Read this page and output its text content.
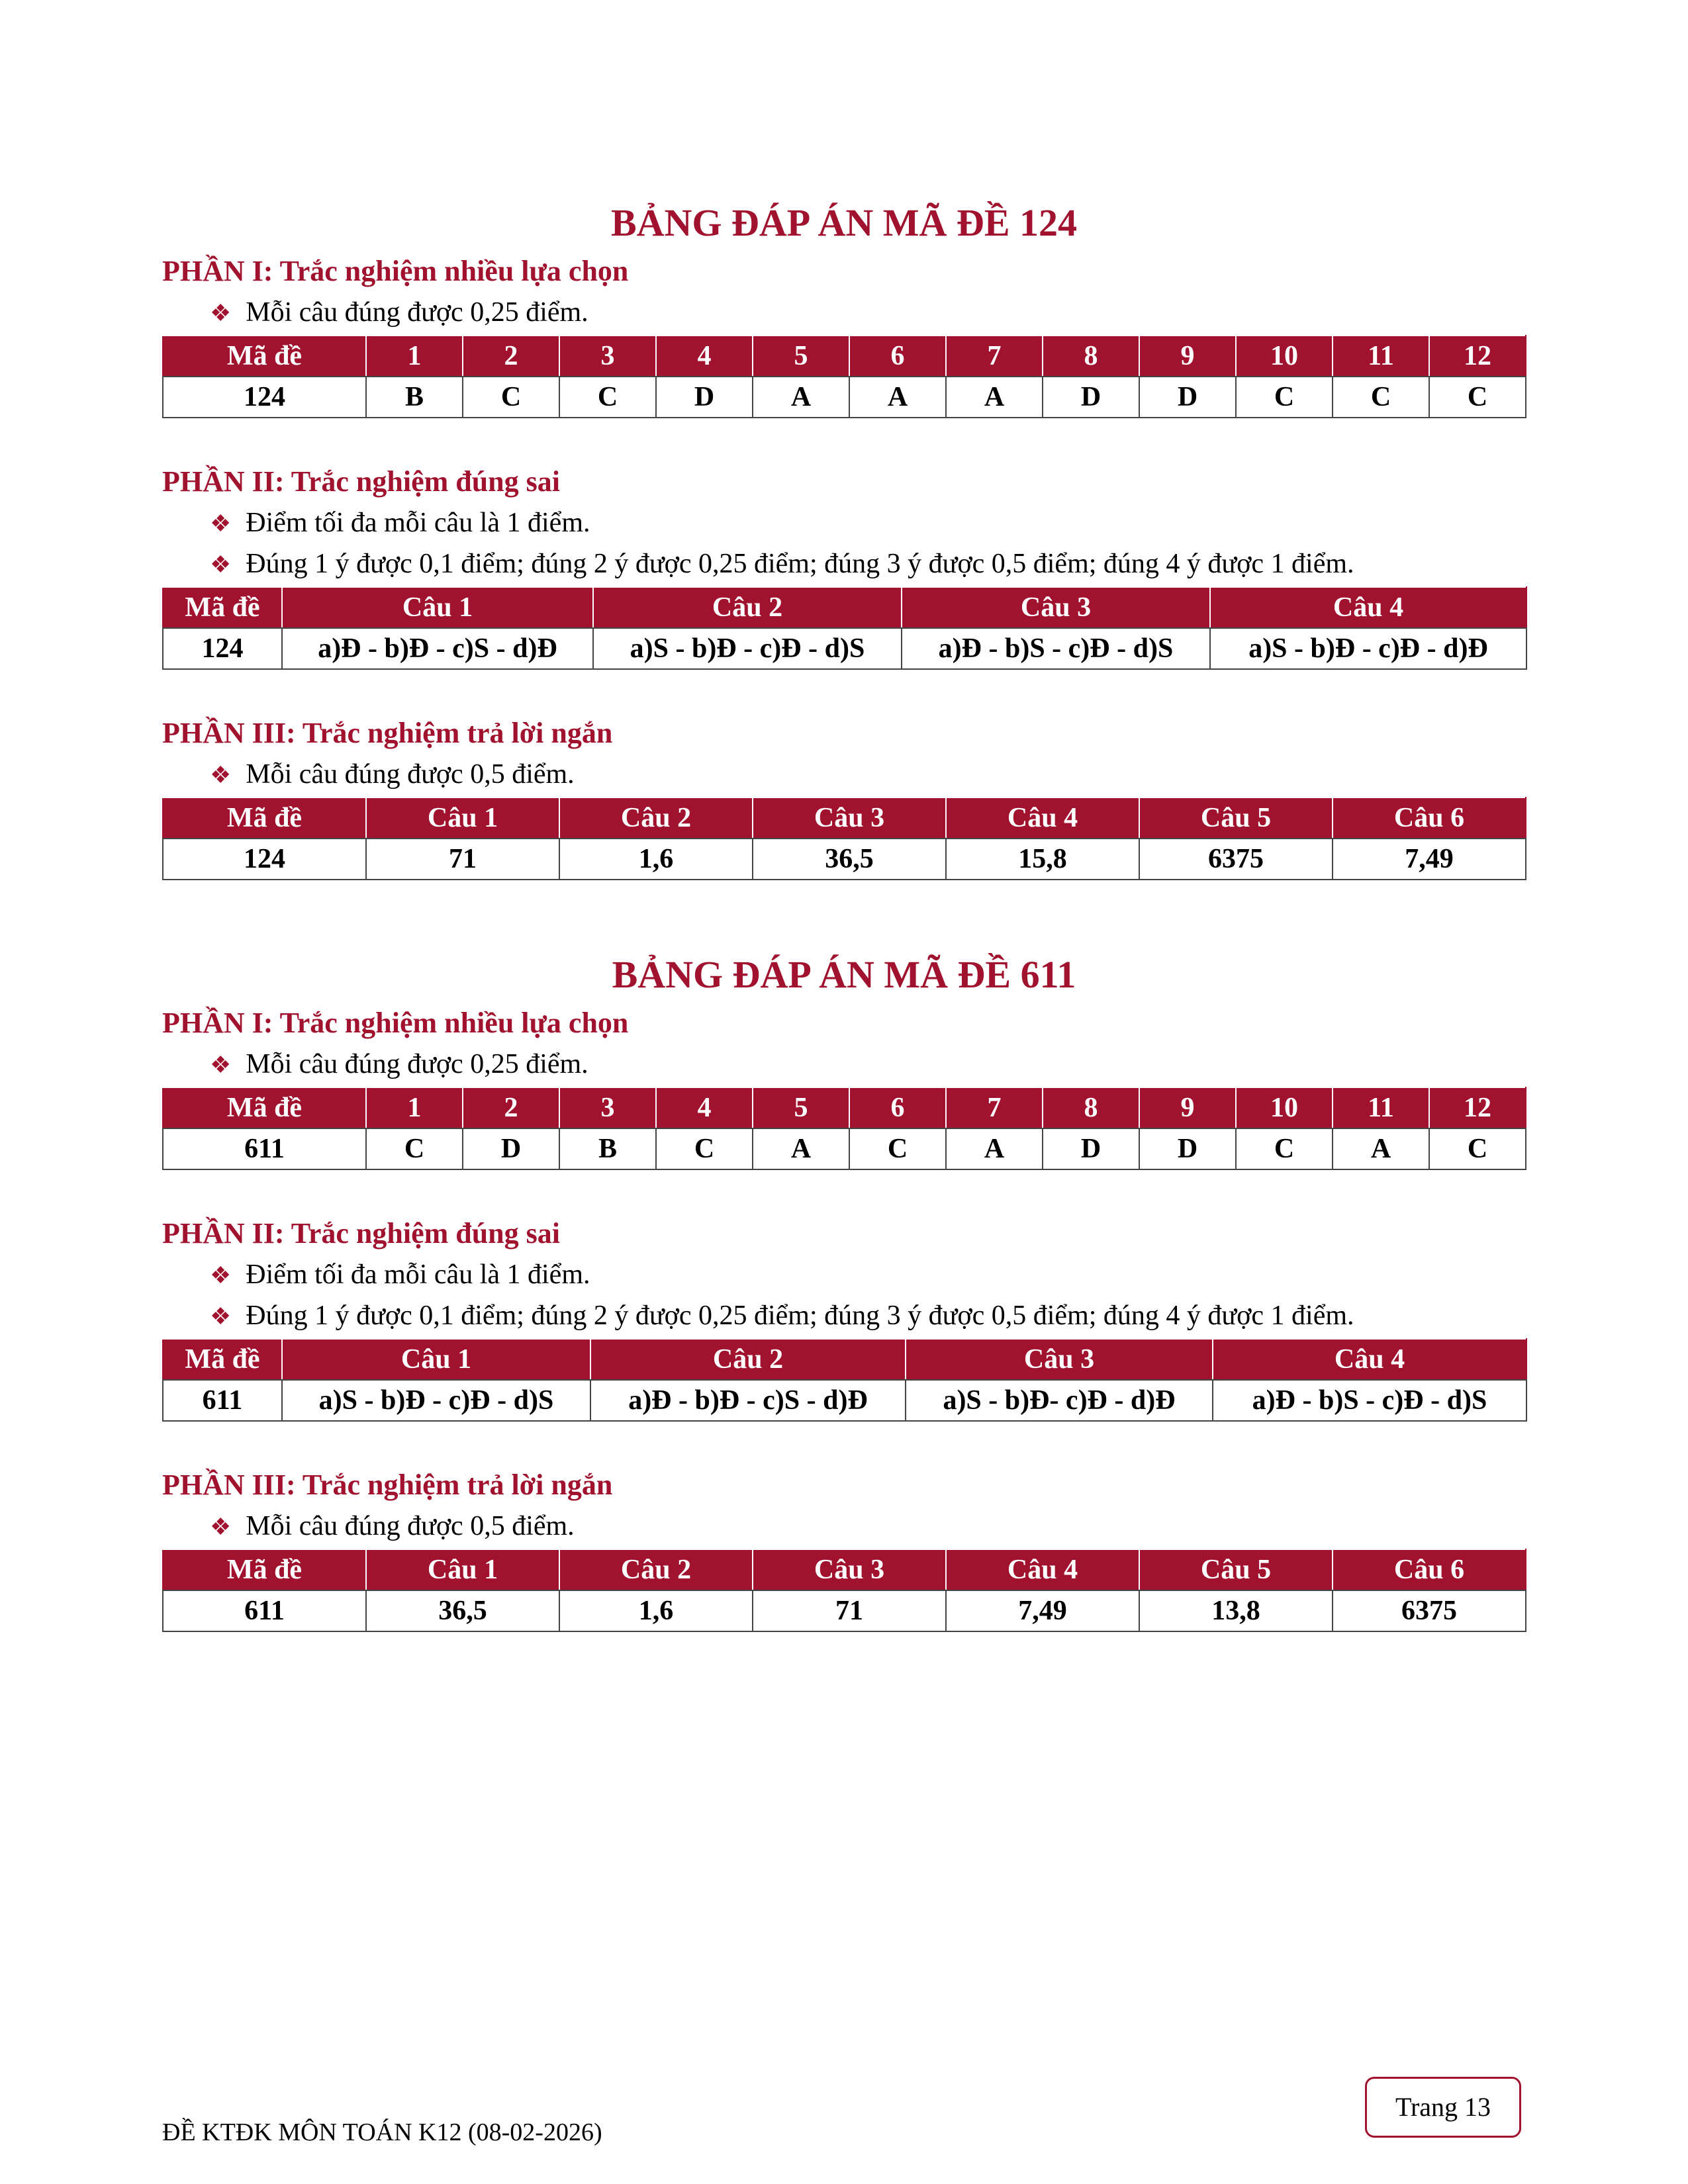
BẢNG ĐÁP ÁN MÃ ĐỀ 124
PHẦN I: Trắc nghiệm nhiều lựa chọn
❖ Mỗi câu đúng được 0,25 điểm.
Mã đề	1	2	3	4	5	6	7	8	9	10	11	12
124	B	C	C	D	A	A	A	D	D	C	C	C
PHẦN II: Trắc nghiệm đúng sai
❖ Điểm tối đa mỗi câu là 1 điểm.
❖ Đúng 1 ý được 0,1 điểm; đúng 2 ý được 0,25 điểm; đúng 3 ý được 0,5 điểm; đúng 4 ý được 1 điểm.
Mã đề	Câu 1	Câu 2	Câu 3	Câu 4
124	a)Đ - b)Đ - c)S - d)Đ	a)S - b)Đ - c)Đ - d)S	a)Đ - b)S - c)Đ - d)S	a)S - b)Đ - c)Đ - d)Đ
PHẦN III: Trắc nghiệm trả lời ngắn
❖ Mỗi câu đúng được 0,5 điểm.
Mã đề	Câu 1	Câu 2	Câu 3	Câu 4	Câu 5	Câu 6
124	71	1,6	36,5	15,8	6375	7,49
BẢNG ĐÁP ÁN MÃ ĐỀ 611
PHẦN I: Trắc nghiệm nhiều lựa chọn
❖ Mỗi câu đúng được 0,25 điểm.
Mã đề	1	2	3	4	5	6	7	8	9	10	11	12
611	C	D	B	C	A	C	A	D	D	C	A	C
PHẦN II: Trắc nghiệm đúng sai
❖ Điểm tối đa mỗi câu là 1 điểm.
❖ Đúng 1 ý được 0,1 điểm; đúng 2 ý được 0,25 điểm; đúng 3 ý được 0,5 điểm; đúng 4 ý được 1 điểm.
Mã đề	Câu 1	Câu 2	Câu 3	Câu 4
611	a)S - b)Đ - c)Đ - d)S	a)Đ - b)Đ - c)S - d)Đ	a)S - b)Đ- c)Đ - d)Đ	a)Đ - b)S - c)Đ - d)S
PHẦN III: Trắc nghiệm trả lời ngắn
❖ Mỗi câu đúng được 0,5 điểm.
Mã đề	Câu 1	Câu 2	Câu 3	Câu 4	Câu 5	Câu 6
611	36,5	1,6	71	7,49	13,8	6375
ĐỀ KTĐK MÔN TOÁN K12 (08-02-2026)
Trang 13
